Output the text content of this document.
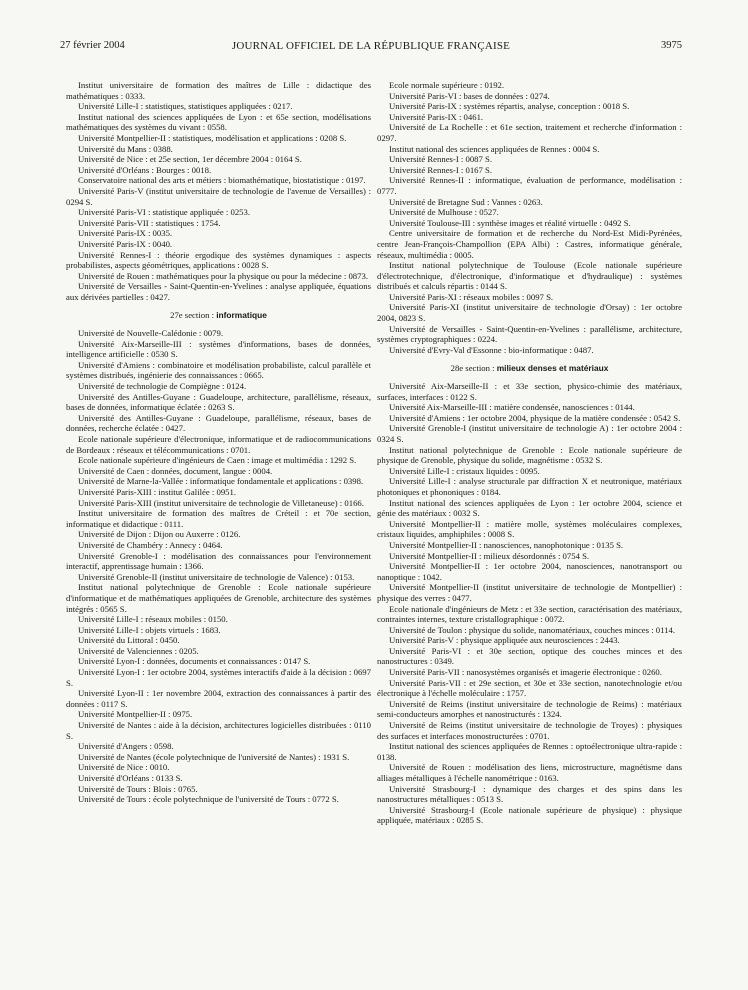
27 février 2004	JOURNAL OFFICIEL DE LA RÉPUBLIQUE FRANÇAISE	3975

Institut universitaire de formation des maîtres de Lille : didactique des mathématiques : 0333.

Université Lille-I : statistiques, statistiques appliquées : 0217.

Institut national des sciences appliquées de Lyon : et 65e section, modélisations mathématiques des systèmes du vivant : 0558.

Université Montpellier-II : statistiques, modélisation et applications : 0208 S.

Université du Mans : 0388.

Université de Nice : et 25e section, 1er décembre 2004 : 0164 S.

Université d'Orléans : Bourges : 0018.

Conservatoire national des arts et métiers : biomathématique, biostatistique : 0197.

Université Paris-V (institut universitaire de technologie de l'avenue de Versailles) : 0294 S.

Université Paris-VI : statistique appliquée : 0253.

Université Paris-VII : statistiques : 1754.

Université Paris-IX : 0035.

Université Paris-IX : 0040.

Université Rennes-I : théorie ergodique des systèmes dynamiques : aspects probabilistes, aspects géométriques, applications : 0028 S.

Université de Rouen : mathématiques pour la physique ou pour la médecine : 0873.

Université de Versailles - Saint-Quentin-en-Yvelines : analyse appliquée, équations aux dérivées partielles : 0427.

27e section : informatique

Université de Nouvelle-Calédonie : 0079.

Université Aix-Marseille-III : systèmes d'informations, bases de données, intelligence artificielle : 0530 S.

Université d'Amiens : combinatoire et modélisation probabiliste, calcul parallèle et systèmes distribués, ingénierie des connaissances : 0665.

Université de technologie de Compiègne : 0124.

Université des Antilles-Guyane : Guadeloupe, architecture, parallélisme, réseaux, bases de données, informatique éclatée : 0263 S.

Université des Antilles-Guyane : Guadeloupe, parallélisme, réseaux, bases de données, recherche éclatée : 0427.

Ecole nationale supérieure d'électronique, informatique et de radiocommunications de Bordeaux : réseaux et télécommunications : 0701.

Ecole nationale supérieure d'ingénieurs de Caen : image et multimédia : 1292 S.

Université de Caen : données, document, langue : 0004.

Université de Marne-la-Vallée : informatique fondamentale et applications : 0398.

Université Paris-XIII : institut Galilée : 0951.

Université Paris-XIII (institut universitaire de technologie de Villetaneuse) : 0166.

Institut universitaire de formation des maîtres de Créteil : et 70e section, informatique et didactique : 0111.

Université de Dijon : Dijon ou Auxerre : 0126.

Université de Chambéry : Annecy : 0464.

Université Grenoble-I : modélisation des connaissances pour l'environnement interactif, apprentissage humain : 1366.

Université Grenoble-II (institut universitaire de technologie de Valence) : 0153.

Institut national polytechnique de Grenoble : Ecole nationale supérieure d'informatique et de mathématiques appliquées de Grenoble, architecture des systèmes intégrés : 0565 S.

Université Lille-I : réseaux mobiles : 0150.

Université Lille-I : objets virtuels : 1683.

Université du Littoral : 0450.

Université de Valenciennes : 0205.

Université Lyon-I : données, documents et connaissances : 0147 S.

Université Lyon-I : 1er octobre 2004, systèmes interactifs d'aide à la décision : 0697 S.

Université Lyon-II : 1er novembre 2004, extraction des connaissances à partir des données : 0117 S.

Université Montpellier-II : 0975.

Université de Nantes : aide à la décision, architectures logicielles distribuées : 0110 S.

Université d'Angers : 0598.

Université de Nantes (école polytechnique de l'université de Nantes) : 1931 S.

Université de Nice : 0010.

Université d'Orléans : 0133 S.

Université de Tours : Blois : 0765.

Université de Tours : école polytechnique de l'université de Tours : 0772 S.

Ecole normale supérieure : 0192.

Université Paris-VI : bases de données : 0274.

Université Paris-IX : systèmes répartis, analyse, conception : 0018 S.

Université Paris-IX : 0461.

Université de La Rochelle : et 61e section, traitement et recherche d'information : 0297.

Institut national des sciences appliquées de Rennes : 0004 S.

Université Rennes-I : 0087 S.

Université Rennes-I : 0167 S.

Université Rennes-II : informatique, évaluation de performance, modélisation : 0777.

Université de Bretagne Sud : Vannes : 0263.

Université de Mulhouse : 0527.

Université Toulouse-III : synthèse images et réalité virtuelle : 0492 S.

Centre universitaire de formation et de recherche du Nord-Est Midi-Pyrénées, centre Jean-François-Champollion (EPA Albi) : Castres, informatique générale, réseaux, multimédia : 0005.

Institut national polytechnique de Toulouse (Ecole nationale supérieure d'électrotechnique, d'électronique, d'informatique et d'hydraulique) : systèmes distribués et calculs répartis : 0144 S.

Université Paris-XI : réseaux mobiles : 0097 S.

Université Paris-XI (institut universitaire de technologie d'Orsay) : 1er octobre 2004, 0823 S.

Université de Versailles - Saint-Quentin-en-Yvelines : parallélisme, architecture, systèmes cryptographiques : 0224.

Université d'Evry-Val d'Essonne : bio-informatique : 0487.

28e section : milieux denses et matériaux

Université Aix-Marseille-II : et 33e section, physico-chimie des matériaux, surfaces, interfaces : 0122 S.

Université Aix-Marseille-III : matière condensée, nanosciences : 0144.

Université d'Amiens : 1er octobre 2004, physique de la matière condensée : 0542 S.

Université Grenoble-I (institut universitaire de technologie A) : 1er octobre 2004 : 0324 S.

Institut national polytechnique de Grenoble : Ecole nationale supérieure de physique de Grenoble, physique du solide, magnétisme : 0532 S.

Université Lille-I : cristaux liquides : 0095.

Université Lille-I : analyse structurale par diffraction X et neutronique, matériaux photoniques et phononiques : 0184.

Institut national des sciences appliquées de Lyon : 1er octobre 2004, science et génie des matériaux : 0032 S.

Université Montpellier-II : matière molle, systèmes moléculaires complexes, cristaux liquides, amphiphiles : 0008 S.

Université Montpellier-II : nanosciences, nanophotonique : 0135 S.

Université Montpellier-II : milieux désordonnés : 0754 S.

Université Montpellier-II : 1er octobre 2004, nanosciences, nanotransport ou nanoptique : 1042.

Université Montpellier-II (institut universitaire de technologie de Montpellier) : physique des verres : 0477.

Ecole nationale d'ingénieurs de Metz : et 33e section, caractérisation des matériaux, contraintes internes, texture cristallographique : 0072.

Université de Toulon : physique du solide, nanomatériaux, couches minces : 0114.

Université Paris-V : physique appliquée aux neurosciences : 2443.

Université Paris-VI : et 30e section, optique des couches minces et des nanostructures : 0349.

Université Paris-VII : nanosystèmes organisés et imagerie électronique : 0260.

Université Paris-VII : et 29e section, et 30e et 33e section, nanotechnologie et/ou électronique à l'échelle moléculaire : 1757.

Université de Reims (institut universitaire de technologie de Reims) : matériaux semi-conducteurs amorphes et nanostructurés : 1324.

Université de Reims (institut universitaire de technologie de Troyes) : physiques des surfaces et interfaces monostructurées : 0701.

Institut national des sciences appliquées de Rennes : optoélectronique ultra-rapide : 0138.

Université de Rouen : modélisation des liens, microstructure, magnétisme dans alliages métalliques à l'échelle nanométrique : 0163.

Université Strasbourg-I : dynamique des charges et des spins dans les nanostructures métalliques : 0513 S.

Université Strasbourg-I (Ecole nationale supérieure de physique) : physique appliquée, matériaux : 0285 S.
